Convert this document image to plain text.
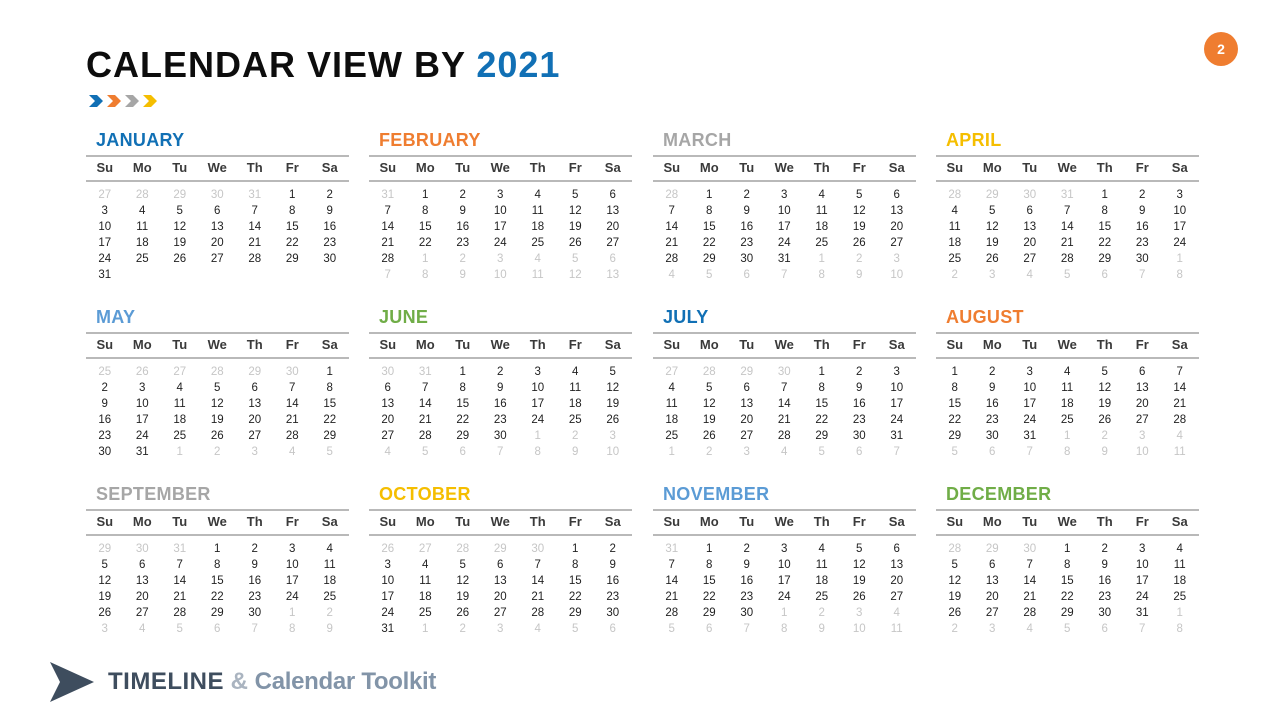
CALENDAR VIEW BY 2021	2
JANUARY
Su	Mo	Tu	We	Th	Fr	Sa
27	28	29	30	31	1	2
3	4	5	6	7	8	9
10	11	12	13	14	15	16
17	18	19	20	21	22	23
24	25	26	27	28	29	30
31
FEBRUARY
Su	Mo	Tu	We	Th	Fr	Sa
31	1	2	3	4	5	6
7	8	9	10	11	12	13
14	15	16	17	18	19	20
21	22	23	24	25	26	27
28	1	2	3	4	5	6
7	8	9	10	11	12	13
MARCH
Su	Mo	Tu	We	Th	Fr	Sa
28	1	2	3	4	5	6
7	8	9	10	11	12	13
14	15	16	17	18	19	20
21	22	23	24	25	26	27
28	29	30	31	1	2	3
4	5	6	7	8	9	10
APRIL
Su	Mo	Tu	We	Th	Fr	Sa
28	29	30	31	1	2	3
4	5	6	7	8	9	10
11	12	13	14	15	16	17
18	19	20	21	22	23	24
25	26	27	28	29	30	1
2	3	4	5	6	7	8
MAY
Su	Mo	Tu	We	Th	Fr	Sa
25	26	27	28	29	30	1
2	3	4	5	6	7	8
9	10	11	12	13	14	15
16	17	18	19	20	21	22
23	24	25	26	27	28	29
30	31	1	2	3	4	5
JUNE
Su	Mo	Tu	We	Th	Fr	Sa
30	31	1	2	3	4	5
6	7	8	9	10	11	12
13	14	15	16	17	18	19
20	21	22	23	24	25	26
27	28	29	30	1	2	3
4	5	6	7	8	9	10
JULY
Su	Mo	Tu	We	Th	Fr	Sa
27	28	29	30	1	2	3
4	5	6	7	8	9	10
11	12	13	14	15	16	17
18	19	20	21	22	23	24
25	26	27	28	29	30	31
1	2	3	4	5	6	7
AUGUST
Su	Mo	Tu	We	Th	Fr	Sa
1	2	3	4	5	6	7
8	9	10	11	12	13	14
15	16	17	18	19	20	21
22	23	24	25	26	27	28
29	30	31	1	2	3	4
5	6	7	8	9	10	11
SEPTEMBER
Su	Mo	Tu	We	Th	Fr	Sa
29	30	31	1	2	3	4
5	6	7	8	9	10	11
12	13	14	15	16	17	18
19	20	21	22	23	24	25
26	27	28	29	30	1	2
3	4	5	6	7	8	9
OCTOBER
Su	Mo	Tu	We	Th	Fr	Sa
26	27	28	29	30	1	2
3	4	5	6	7	8	9
10	11	12	13	14	15	16
17	18	19	20	21	22	23
24	25	26	27	28	29	30
31	1	2	3	4	5	6
NOVEMBER
Su	Mo	Tu	We	Th	Fr	Sa
31	1	2	3	4	5	6
7	8	9	10	11	12	13
14	15	16	17	18	19	20
21	22	23	24	25	26	27
28	29	30	1	2	3	4
5	6	7	8	9	10	11
DECEMBER
Su	Mo	Tu	We	Th	Fr	Sa
28	29	30	1	2	3	4
5	6	7	8	9	10	11
12	13	14	15	16	17	18
19	20	21	22	23	24	25
26	27	28	29	30	31	1
2	3	4	5	6	7	8
TIMELINE & Calendar Toolkit
